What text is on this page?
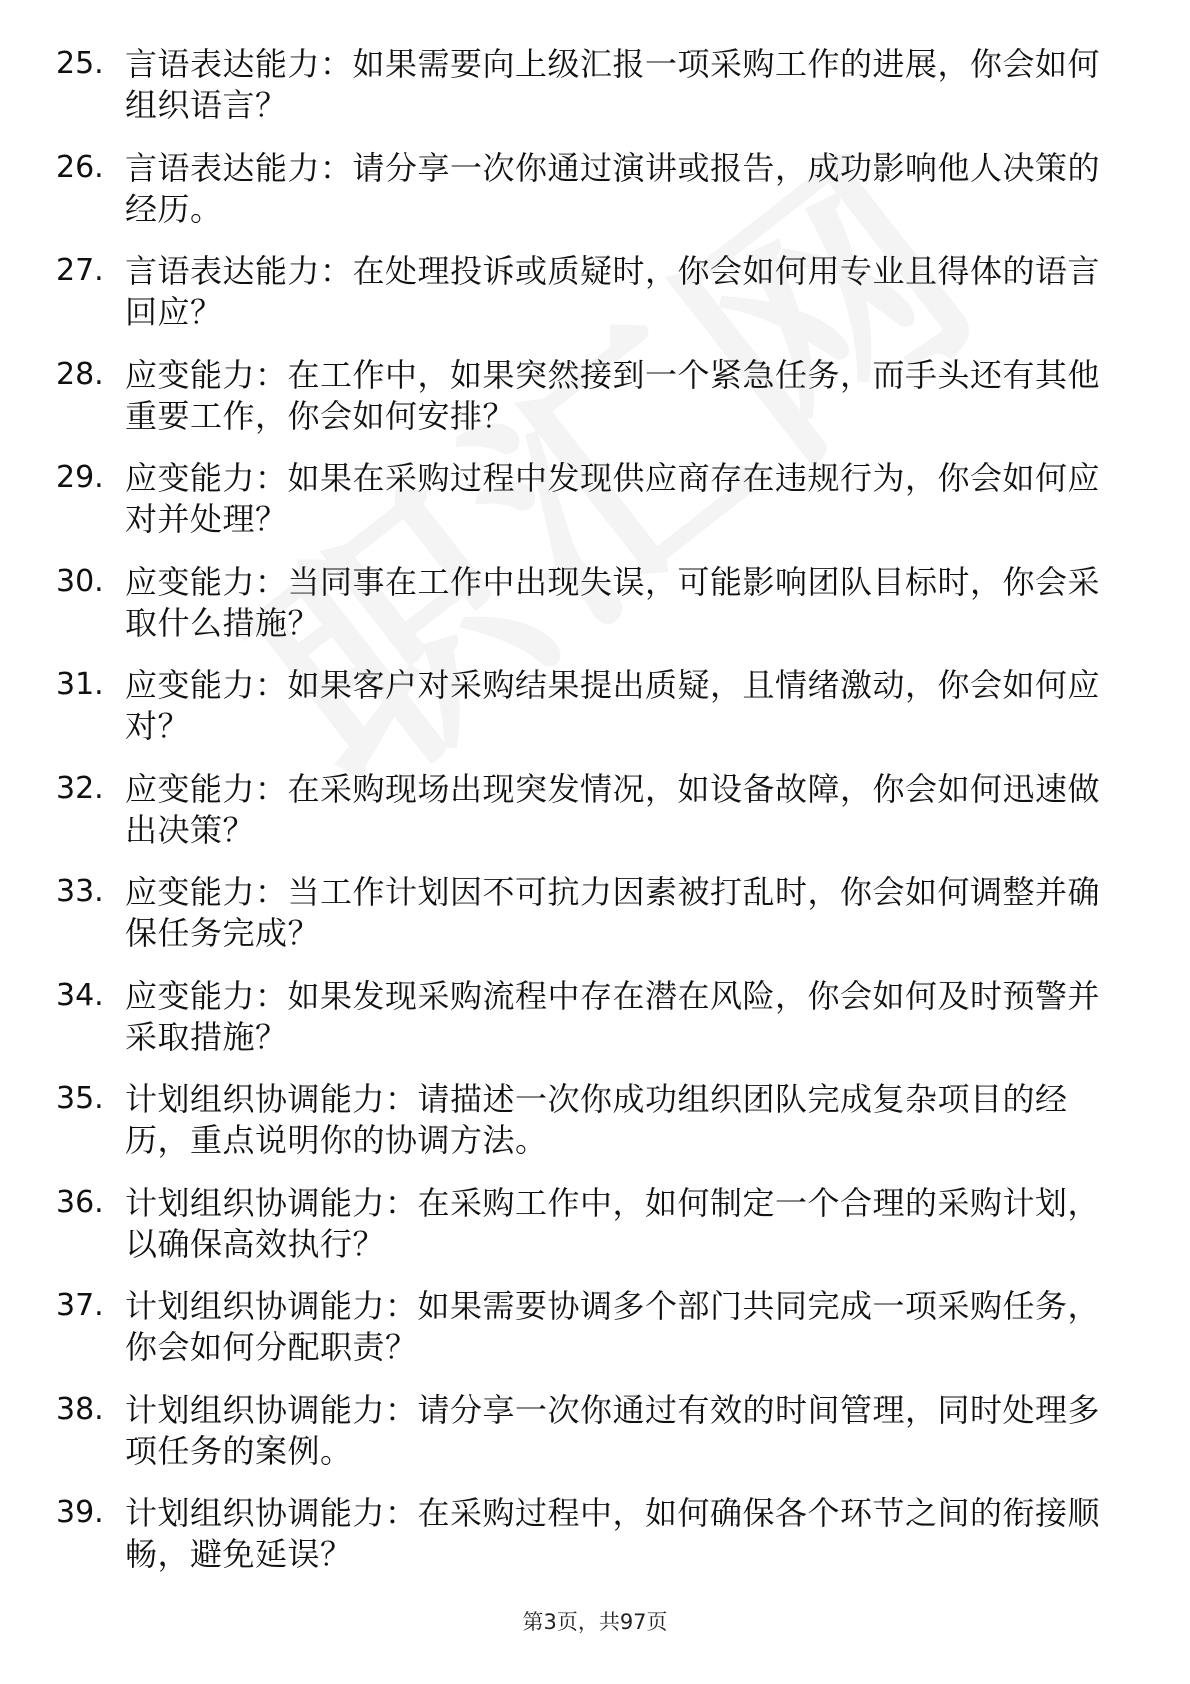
25. 言语表达能力：如果需要向上级汇报一项采购工作的进展，你会如何组织语言？
26. 言语表达能力：请分享一次你通过演讲或报告，成功影响他人决策的经历。
27. 言语表达能力：在处理投诉或质疑时，你会如何用专业且得体的语言回应？
28. 应变能力：在工作中，如果突然接到一个紧急任务，而手头还有其他重要工作，你会如何安排？
29. 应变能力：如果在采购过程中发现供应商存在违规行为，你会如何应对并处理？
30. 应变能力：当同事在工作中出现失误，可能影响团队目标时，你会采取什么措施？
31. 应变能力：如果客户对采购结果提出质疑，且情绪激动，你会如何应对？
32. 应变能力：在采购现场出现突发情况，如设备故障，你会如何迅速做出决策？
33. 应变能力：当工作计划因不可抗力因素被打乱时，你会如何调整并确保任务完成？
34. 应变能力：如果发现采购流程中存在潜在风险，你会如何及时预警并采取措施？
35. 计划组织协调能力：请描述一次你成功组织团队完成复杂项目的经历，重点说明你的协调方法。
36. 计划组织协调能力：在采购工作中，如何制定一个合理的采购计划，以确保高效执行？
37. 计划组织协调能力：如果需要协调多个部门共同完成一项采购任务，你会如何分配职责？
38. 计划组织协调能力：请分享一次你通过有效的时间管理，同时处理多项任务的案例。
39. 计划组织协调能力：在采购过程中，如何确保各个环节之间的衔接顺畅，避免延误？
第3页，共97页
